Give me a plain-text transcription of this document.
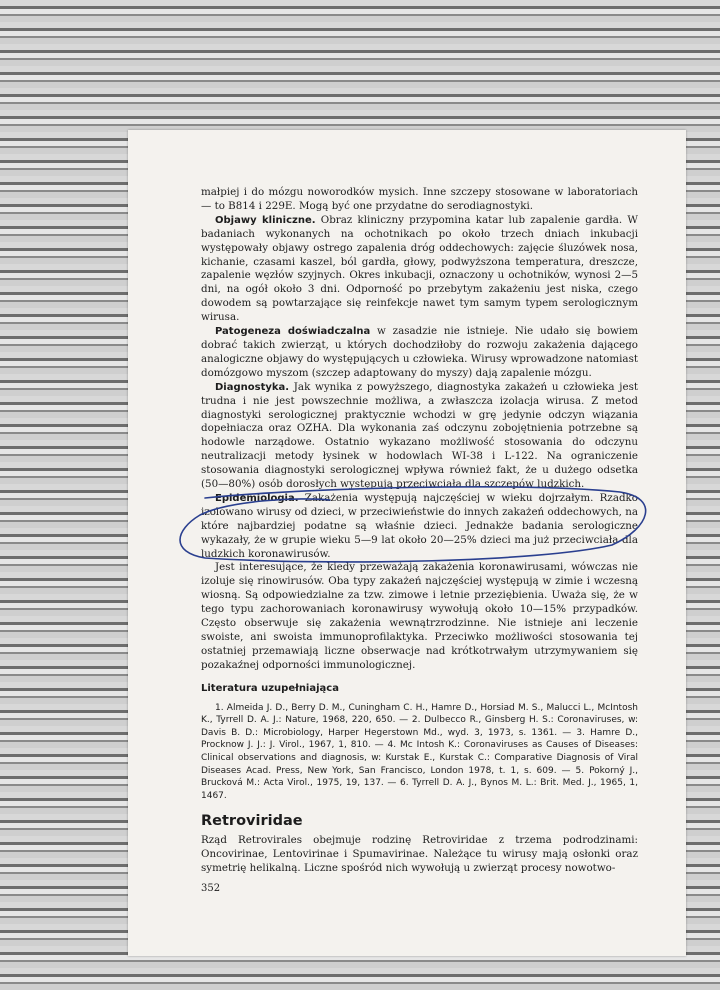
małpiej i do mózgu noworodków mysich. Inne szczepy stosowane w laboratoriach — to B814 i 229E. Mogą być one przydatne do serodiagnostyki.

Objawy kliniczne. Obraz kliniczny przypomina katar lub zapalenie gardła. W badaniach wykonanych na ochotnikach po około trzech dniach inkubacji występowały objawy ostrego zapalenia dróg oddechowych: zajęcie śluzówek nosa, kichanie, czasami kaszel, ból gardła, głowy, podwyższona temperatura, dreszcze, zapalenie węzłów szyjnych. Okres inkubacji, oznaczony u ochotników, wynosi 2—5 dni, na ogół około 3 dni. Odporność po przebytym zakażeniu jest niska, czego dowodem są powtarzające się reinfekcje nawet tym samym typem serologicznym wirusa.

Patogeneza doświadczalna w zasadzie nie istnieje. Nie udało się bowiem dobrać takich zwierząt, u których dochodziłoby do rozwoju zakażenia dającego analogiczne objawy do występujących u człowieka. Wirusy wprowadzone natomiast domózgowo myszom (szczep adaptowany do myszy) dają zapalenie mózgu.

Diagnostyka. Jak wynika z powyższego, diagnostyka zakażeń u człowieka jest trudna i nie jest powszechnie możliwa, a zwłaszcza izolacja wirusa. Z metod diagnostyki serologicznej praktycznie wchodzi w grę jedynie odczyn wiązania dopełniacza oraz OZHA. Dla wykonania zaś odczynu zobojętnienia potrzebne są hodowle narządowe. Ostatnio wykazano możliwość stosowania do odczynu neutralizacji metody łysinek w hodowlach WI-38 i L-122. Na ograniczenie stosowania diagnostyki serologicznej wpływa również fakt, że u dużego odsetka (50—80%) osób dorosłych występują przeciwciała dla szczepów ludzkich.

Epidemiologia. Zakażenia występują najczęściej w wieku dojrzałym. Rzadko izolowano wirusy od dzieci, w przeciwieństwie do innych zakażeń oddechowych, na które najbardziej podatne są właśnie dzieci. Jednakże badania serologiczne wykazały, że w grupie wieku 5—9 lat około 20—25% dzieci ma już przeciwciała dla ludzkich koronawirusów.

Jest interesujące, że kiedy przeważają zakażenia koronawirusami, wówczas nie izoluje się rinowirusów. Oba typy zakażeń najczęściej występują w zimie i wczesną wiosną. Są odpowiedzialne za tzw. zimowe i letnie przeziębienia. Uważa się, że w tego typu zachorowaniach koronawirusy wywołują około 10—15% przypadków. Często obserwuje się zakażenia wewnątrzrodzinne. Nie istnieje ani leczenie swoiste, ani swoista immunoprofilaktyka. Przeciwko możliwości stosowania tej ostatniej przemawiają liczne obserwacje nad krótkotrwałym utrzymywaniem się pozakaźnej odporności immunologicznej.

Literatura uzupełniająca

1. Almeida J. D., Berry D. M., Cuningham C. H., Hamre D., Horsiad M. S., Malucci L., McIntosh K., Tyrrell D. A. J.: Nature, 1968, 220, 650. — 2. Dulbecco R., Ginsberg H. S.: Coronaviruses, w: Davis B. D.: Microbiology, Harper Hegerstown Md., wyd. 3, 1973, s. 1361. — 3. Hamre D., Procknow J. J.: J. Virol., 1967, 1, 810. — 4. Mc Intosh K.: Coronaviruses as Causes of Diseases: Clinical observations and diagnosis, w: Kurstak E., Kurstak C.: Comparative Diagnosis of Viral Diseases Acad. Press, New York, San Francisco, London 1978, t. 1, s. 609. — 5. Pokorný J., Brucková M.: Acta Virol., 1975, 19, 137. — 6. Tyrrell D. A. J., Bynos M. L.: Brit. Med. J., 1965, 1, 1467.

Retroviridae
Rząd Retrovirales obejmuje rodzinę Retroviridae z trzema podrodzinami: Oncovirinae, Lentovirinae i Spumavirinae. Należące tu wirusy mają osłonki oraz symetrię helikalną. Liczne spośród nich wywołują u zwierząt procesy nowotwo-
352
